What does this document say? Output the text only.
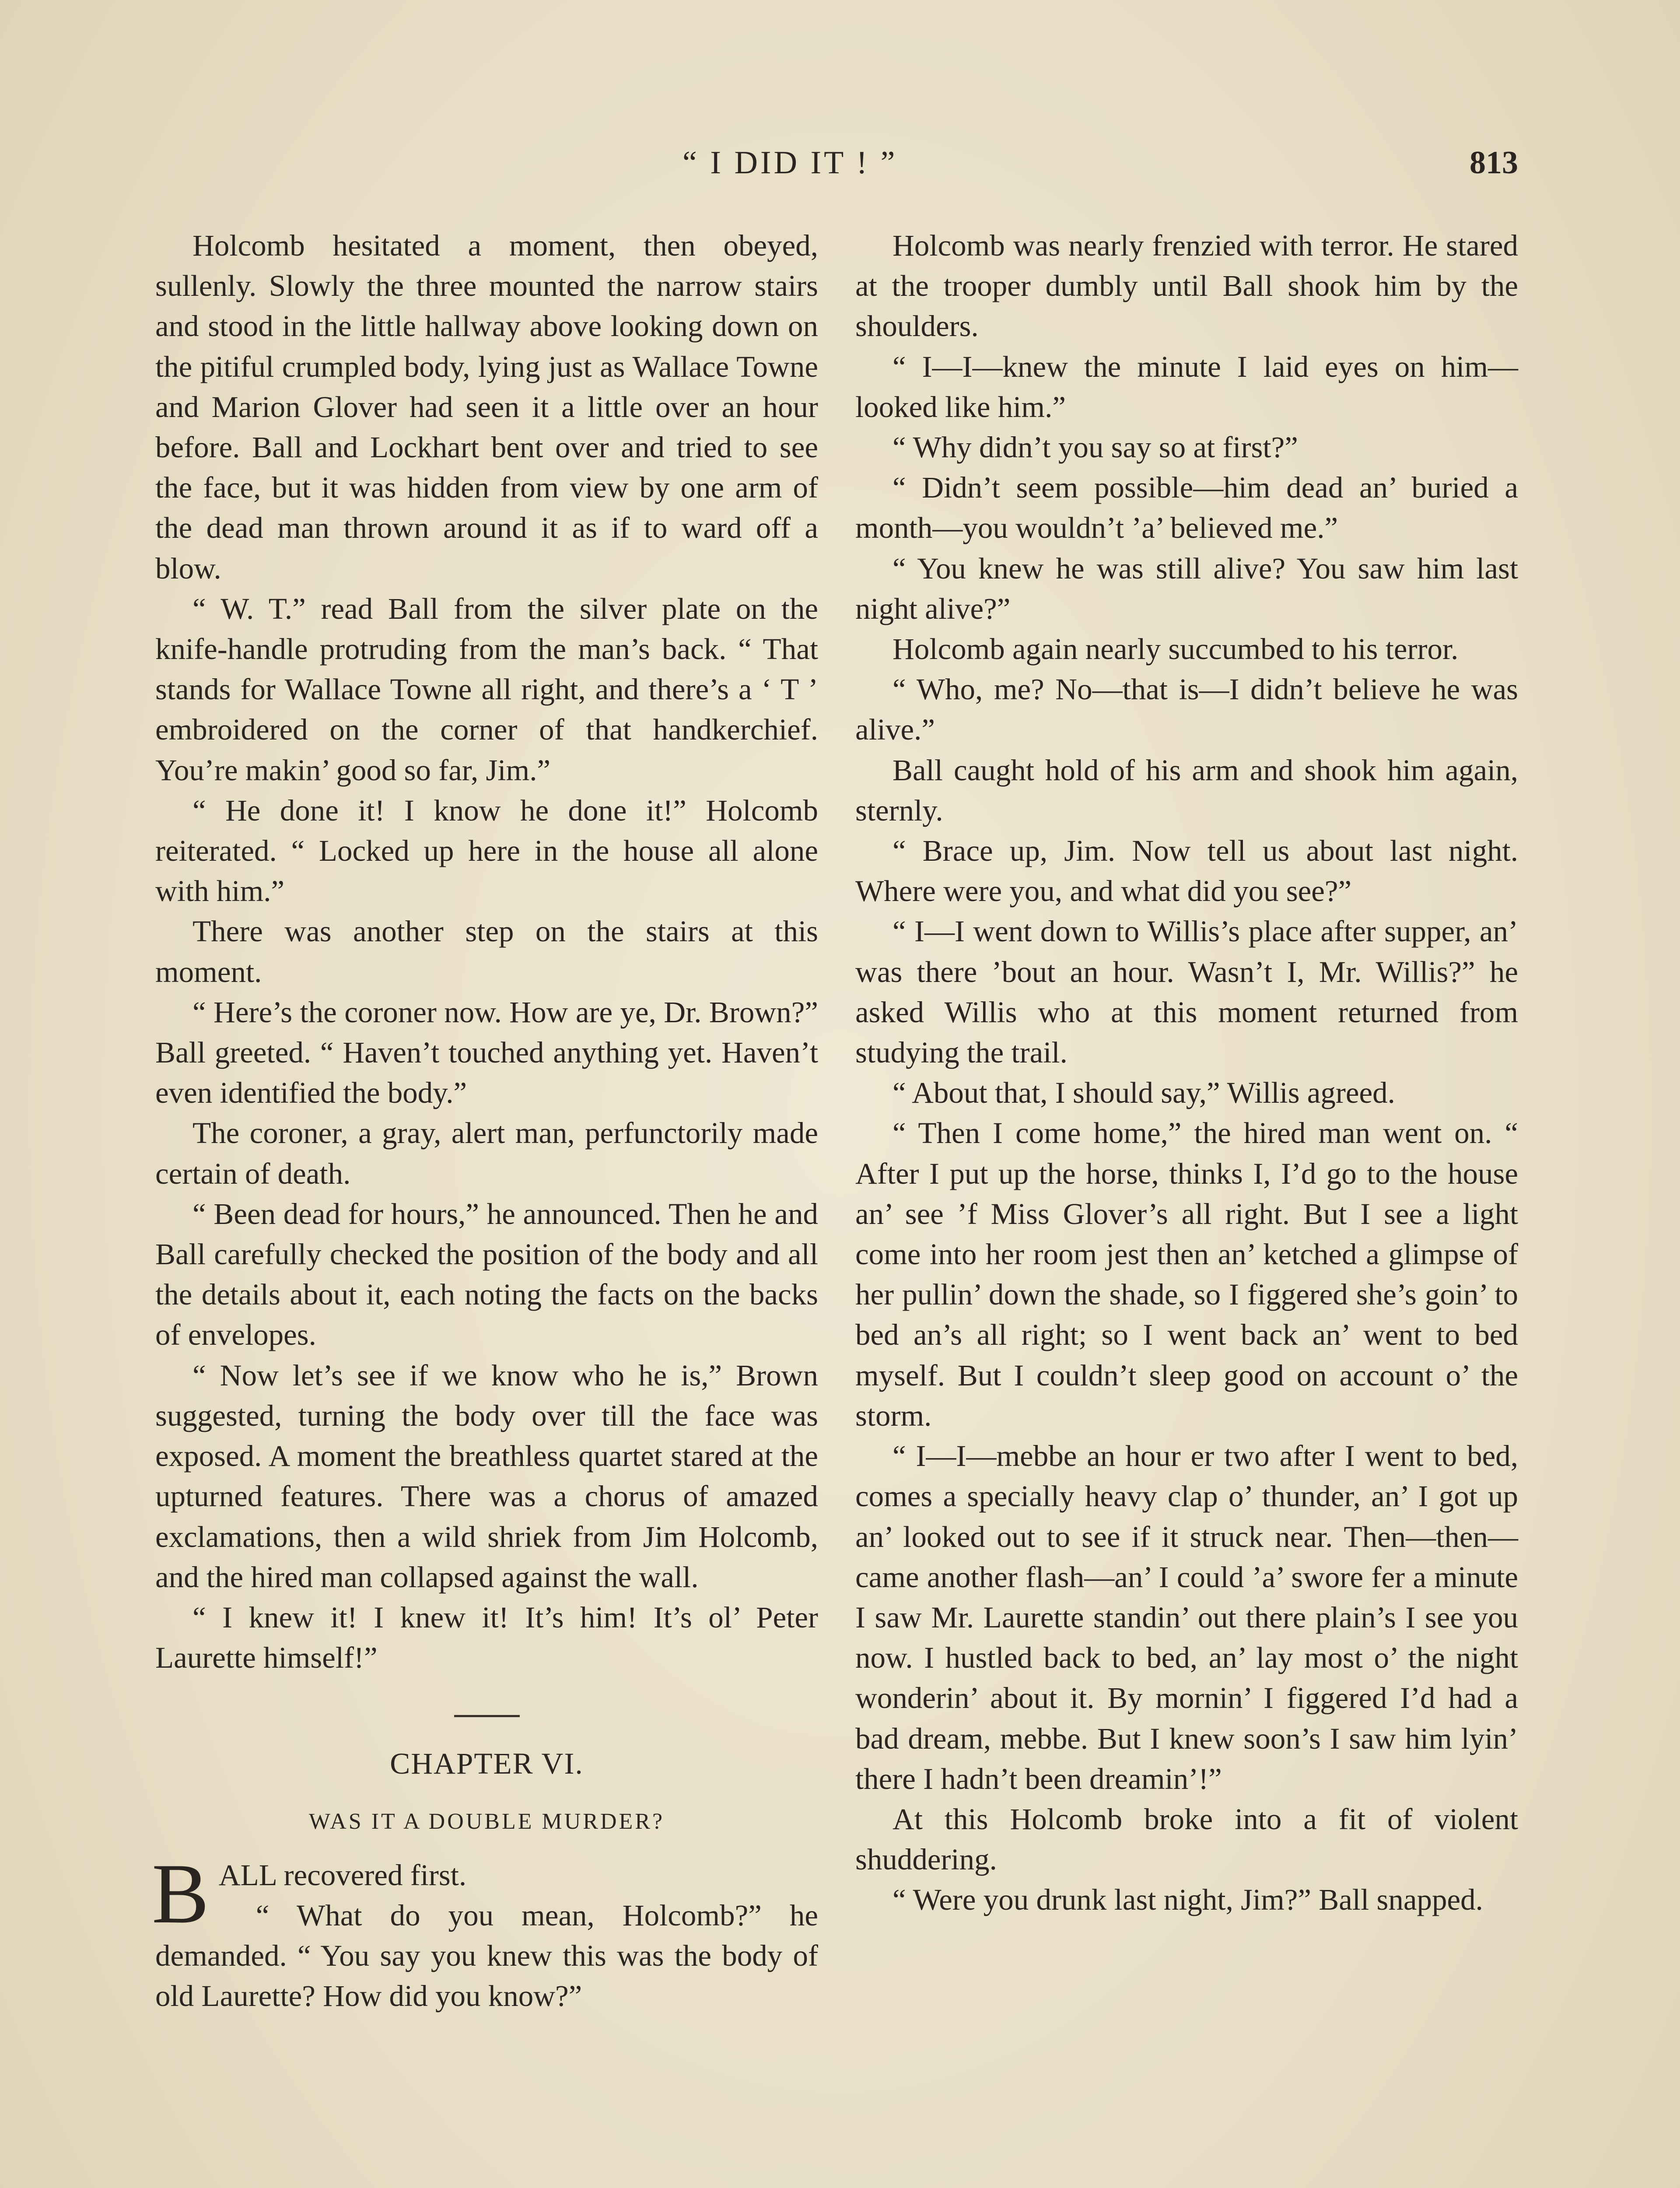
“ I DID IT ! ”	813

Holcomb hesitated a moment, then obeyed, sullenly. Slowly the three mounted the narrow stairs and stood in the little hallway above looking down on the pitiful crumpled body, lying just as Wallace Towne and Marion Glover had seen it a little over an hour before. Ball and Lockhart bent over and tried to see the face, but it was hidden from view by one arm of the dead man thrown around it as if to ward off a blow.

“ W. T.” read Ball from the silver plate on the knife-handle protruding from the man’s back. “ That stands for Wallace Towne all right, and there’s a ‘ T ’ embroidered on the corner of that handkerchief. You’re makin’ good so far, Jim.”

“ He done it! I know he done it!” Holcomb reiterated. “ Locked up here in the house all alone with him.”

There was another step on the stairs at this moment.

“ Here’s the coroner now. How are ye, Dr. Brown?” Ball greeted. “ Haven’t touched anything yet. Haven’t even identified the body.”

The coroner, a gray, alert man, perfunctorily made certain of death.

“ Been dead for hours,” he announced. Then he and Ball carefully checked the position of the body and all the details about it, each noting the facts on the backs of envelopes.

“ Now let’s see if we know who he is,” Brown suggested, turning the body over till the face was exposed. A moment the breathless quartet stared at the upturned features. There was a chorus of amazed exclamations, then a wild shriek from Jim Holcomb, and the hired man collapsed against the wall.

“ I knew it! I knew it! It’s him! It’s ol’ Peter Laurette himself!”

CHAPTER VI.
WAS IT A DOUBLE MURDER?

BALL recovered first.

“ What do you mean, Holcomb?” he demanded. “ You say you knew this was the body of old Laurette? How did you know?”

Holcomb was nearly frenzied with terror. He stared at the trooper dumbly until Ball shook him by the shoulders.

“ I—I—knew the minute I laid eyes on him—looked like him.”

“ Why didn’t you say so at first?”

“ Didn’t seem possible—him dead an’ buried a month—you wouldn’t ’a’ believed me.”

“ You knew he was still alive? You saw him last night alive?”

Holcomb again nearly succumbed to his terror.

“ Who, me? No—that is—I didn’t believe he was alive.”

Ball caught hold of his arm and shook him again, sternly.

“ Brace up, Jim. Now tell us about last night. Where were you, and what did you see?”

“ I—I went down to Willis’s place after supper, an’ was there ’bout an hour. Wasn’t I, Mr. Willis?” he asked Willis who at this moment returned from studying the trail.

“ About that, I should say,” Willis agreed.

“ Then I come home,” the hired man went on. “ After I put up the horse, thinks I, I’d go to the house an’ see ’f Miss Glover’s all right. But I see a light come into her room jest then an’ ketched a glimpse of her pullin’ down the shade, so I figgered she’s goin’ to bed an’s all right; so I went back an’ went to bed myself. But I couldn’t sleep good on account o’ the storm.

“ I—I—mebbe an hour er two after I went to bed, comes a specially heavy clap o’ thunder, an’ I got up an’ looked out to see if it struck near. Then—then—came another flash—an’ I could ’a’ swore fer a minute I saw Mr. Laurette standin’ out there plain’s I see you now. I hustled back to bed, an’ lay most o’ the night wonderin’ about it. By mornin’ I figgered I’d had a bad dream, mebbe. But I knew soon’s I saw him lyin’ there I hadn’t been dreamin’!”

At this Holcomb broke into a fit of violent shuddering.

“ Were you drunk last night, Jim?” Ball snapped.
